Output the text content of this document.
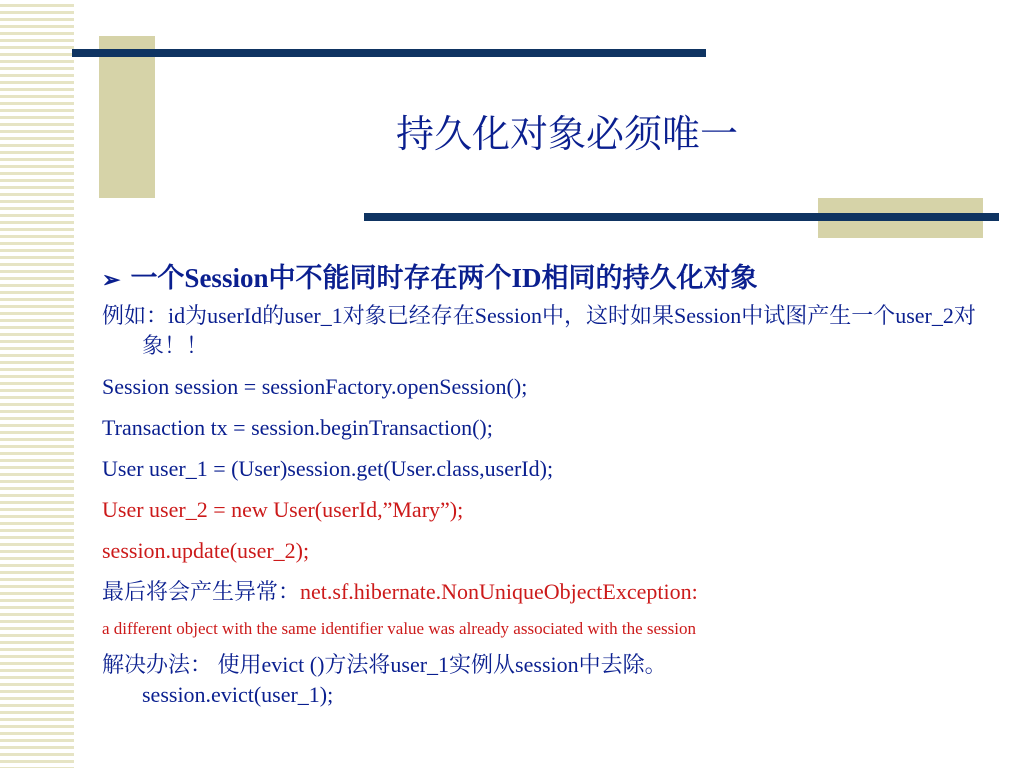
持久化对象必须唯一
➢ 一个Session中不能同时存在两个ID相同的持久化对象
例如：id为userId的user_1对象已经存在Session中，这时如果Session中试图产生一个user_2对象！！
Session session = sessionFactory.openSession();
Transaction tx = session.beginTransaction();
User user_1 = (User)session.get(User.class,userId);
User user_2 = new User(userId,”Mary”);
session.update(user_2);
最后将会产生异常：net.sf.hibernate.NonUniqueObjectException:
a different object with the same identifier value was already associated with the session
解决办法： 使用evict ()方法将user_1实例从session中去除。
session.evict(user_1);
